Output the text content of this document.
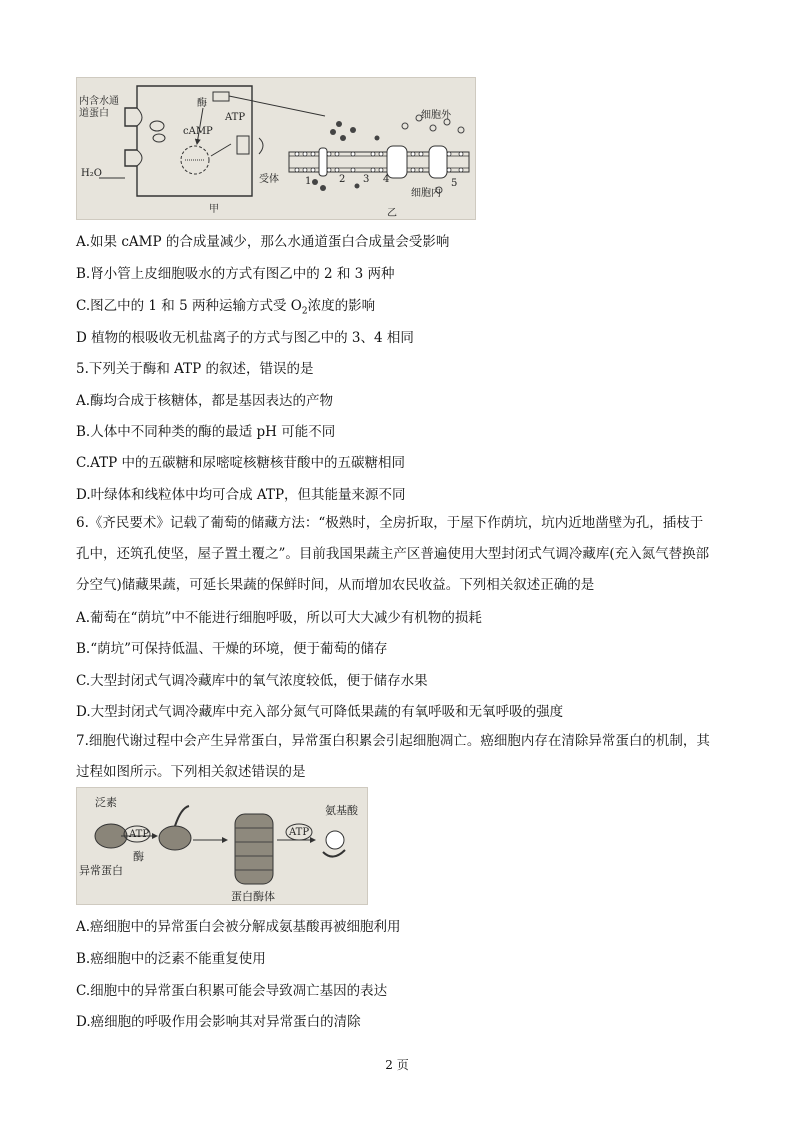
内含水通道蛋白
酶
ATP
cAMP
H₂O
受体
甲	乙
细胞外
细胞内
1	2 3 4	5
A.如果 cAMP 的合成量减少，那么水通道蛋白合成量会受影响
B.肾小管上皮细胞吸水的方式有图乙中的 2 和 3 两种
C.图乙中的 1 和 5 两种运输方式受 $O_2$浓度的影响
D 植物的根吸收无机盐离子的方式与图乙中的 3、4 相同
5.下列关于酶和 ATP 的叙述，错误的是
A.酶均合成于核糖体，都是基因表达的产物
B.人体中不同种类的酶的最适 pH 可能不同
C.ATP 中的五碳糖和尿嘧啶核糖核苷酸中的五碳糖相同
D.叶绿体和线粒体中均可合成 ATP，但其能量来源不同
6.《齐民要术》记载了葡萄的储藏方法：“极熟时，全房折取，于屋下作荫坑，坑内近地凿壁为孔，插枝于孔中，还筑孔使坚，屋子置土覆之”。目前我国果蔬主产区普遍使用大型封闭式气调冷藏库(充入氮气替换部分空气)储藏果蔬，可延长果蔬的保鲜时间，从而增加农民收益。下列相关叙述正确的是
A.葡萄在“荫坑”中不能进行细胞呼吸，所以可大大减少有机物的损耗
B.“荫坑”可保持低温、干燥的环境，便于葡萄的储存
C.大型封闭式气调冷藏库中的氧气浓度较低，便于储存水果
D.大型封闭式气调冷藏库中充入部分氮气可降低果蔬的有氧呼吸和无氧呼吸的强度
7.细胞代谢过程中会产生异常蛋白，异常蛋白积累会引起细胞凋亡。癌细胞内存在清除异常蛋白的机制，其过程如图所示。下列相关叙述错误的是
泛素
ATP
酶
异常蛋白
蛋白酶体
ATP
氨基酸
A.癌细胞中的异常蛋白会被分解成氨基酸再被细胞利用
B.癌细胞中的泛素不能重复使用
C.细胞中的异常蛋白积累可能会导致凋亡基因的表达
D.癌细胞的呼吸作用会影响其对异常蛋白的清除
2 页
